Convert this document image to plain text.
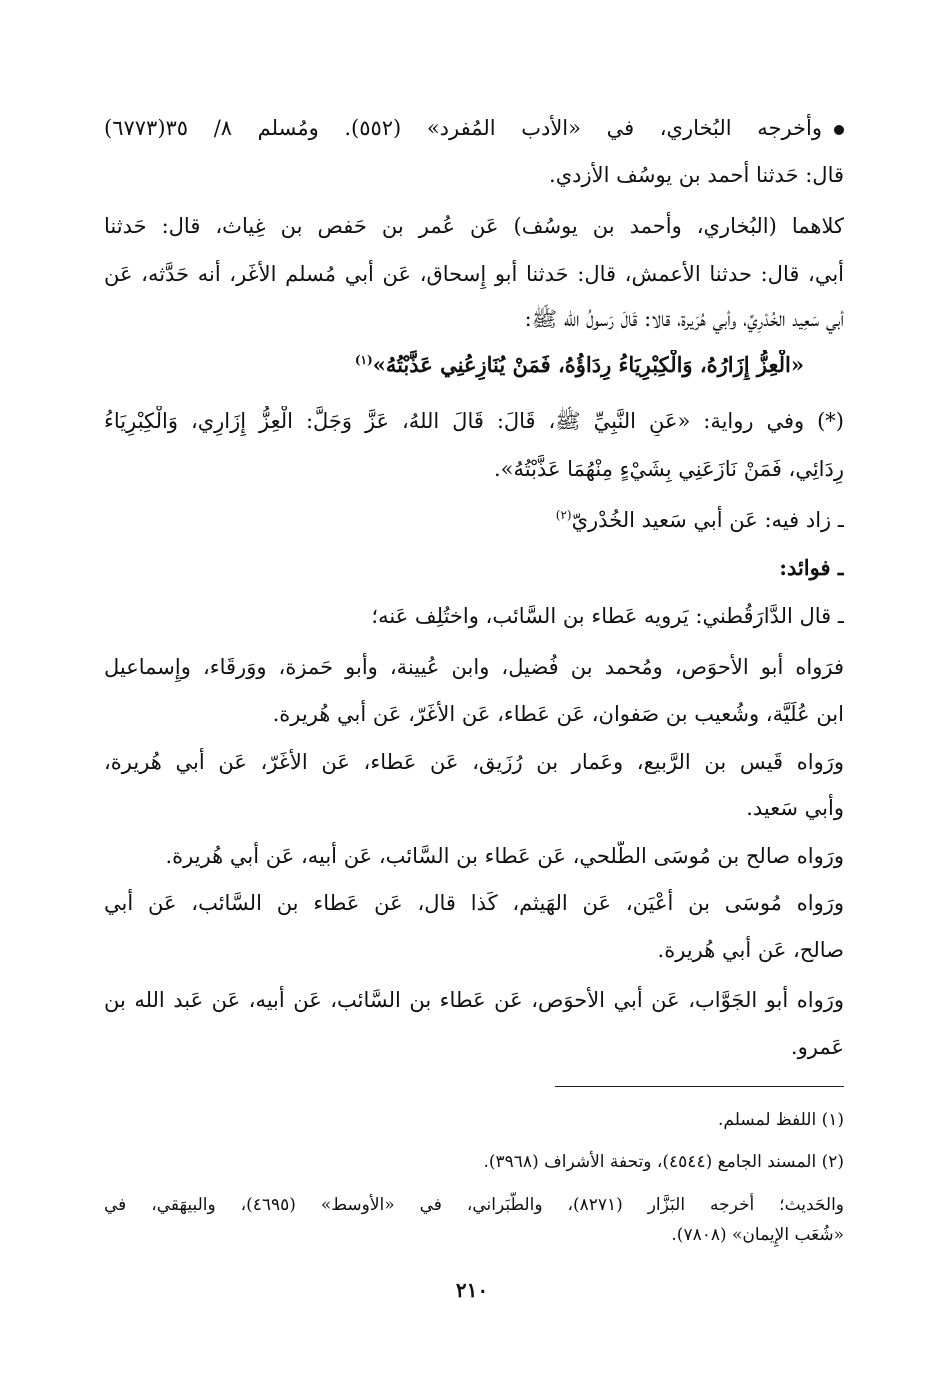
وأخرجه البُخاري، في «الأدب المُفرد» (٥٥٢). ومُسلم ٨/ ٣٥(٦٧٧٣)
قال: حَدثنا أحمد بن يوسُف الأزدي.
كلاهما (البُخاري، وأحمد بن يوسُف) عَن عُمر بن حَفص بن غِياث، قال: حَدثنا
أبي، قال: حدثنا الأعمش، قال: حَدثنا أبو إِسحاق، عَن أبي مُسلم الأغَر، أنه حَدَّثه، عَن
أبي سَعِيد الخُدْرِيِّ، وأبي هُرَيرة، قالا: قَالَ رَسولُ الله ﷺ:
«الْعِزُّ إِزَارُهُ، وَالْكِبْرِيَاءُ رِدَاؤُهُ، فَمَنْ يُنَازِعُنِي عَذَّبْتُهُ»$^{(١)}$
(*) وفي رواية: «عَنِ النَّبِيِّ ﷺ، قَالَ: قَالَ اللهُ، عَزَّ وَجَلَّ: الْعِزُّ إِزَارِي، وَالْكِبْرِيَاءُ
رِدَائِي، فَمَنْ نَازَعَنِي بِشَيْءٍ مِنْهُمَا عَذَّبْتُهُ».
ـ زاد فيه: عَن أبي سَعيد الخُدْريّ$^{(٢)}$
ـ فوائد:
ـ قال الدَّارَقُطني: يَرويه عَطاء بن السَّائب، واختُلِف عَنه؛
فرَواه أبو الأحوَص، ومُحمد بن فُضيل، وابن عُيينة، وأبو حَمزة، ووَرقَاء، وإِسماعيل
ابن عُلَيَّة، وشُعيب بن صَفوان، عَن عَطاء، عَن الأغَرّ، عَن أبي هُريرة.
ورَواه قَيس بن الرَّبيع، وعَمار بن رُزَيق، عَن عَطاء، عَن الأغَرّ، عَن أبي هُريرة،
وأبي سَعيد.
ورَواه صالح بن مُوسَى الطَّلحي، عَن عَطاء بن السَّائب، عَن أبيه، عَن أبي هُريرة.
ورَواه مُوسَى بن أعْيَن، عَن الهَيثم، كَذا قال، عَن عَطاء بن السَّائب، عَن أبي
صالح، عَن أبي هُريرة.
ورَواه أبو الجَوَّاب، عَن أبي الأحوَص، عَن عَطاء بن السَّائب، عَن أبيه، عَن عَبد الله بن
عَمرو.
(١) اللفظ لمسلم.
(٢) المسند الجامع (٤٥٤٤)، وتحفة الأشراف (٣٩٦٨).
والحَديث؛ أخرجه البَزَّار (٨٢٧١)، والطَّبَراني، في «الأوسط» (٤٦٩٥)، والبيهَقي، في
«شُعَب الإِيمان» (٧٨٠٨).
٢١٠
